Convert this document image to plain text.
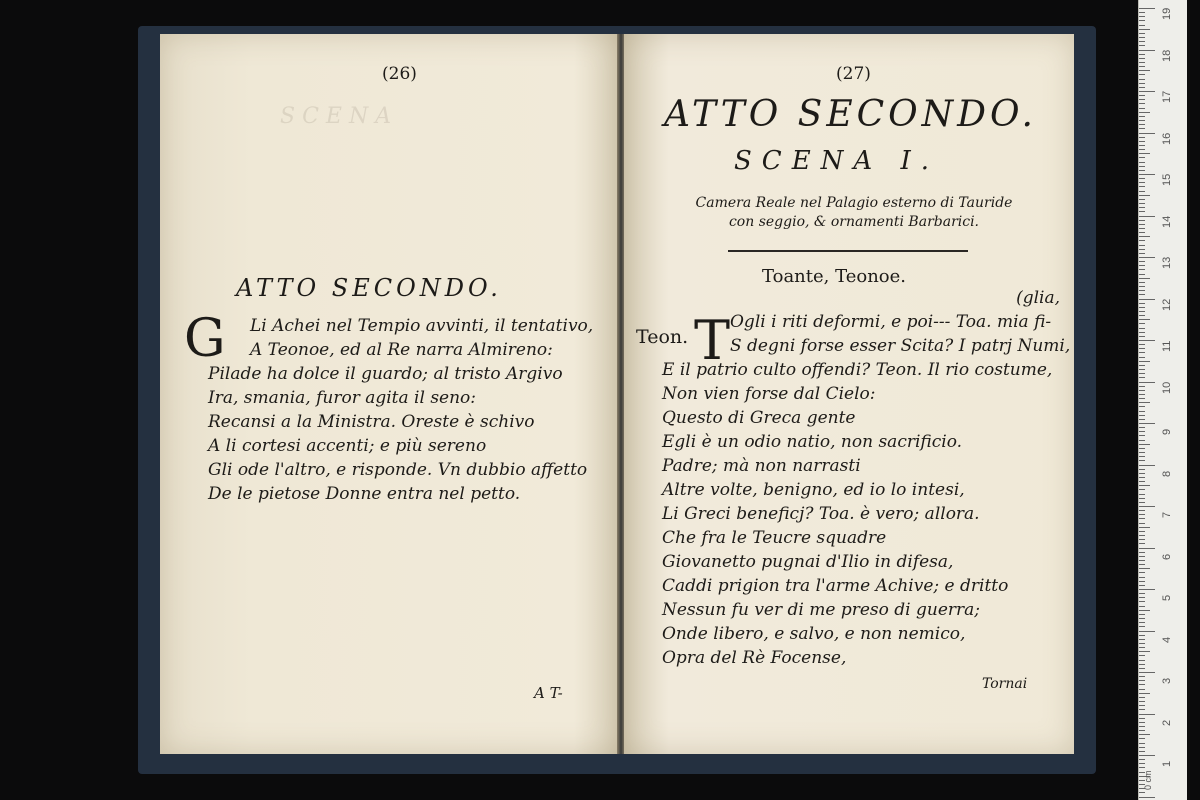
S C E N A
(26)
ATTO SECONDO.
G	Li Achei nel Tempio avvinti, il tentativo,
A Teonoe, ed al Re narra Almireno:
Pilade ha dolce il guardo; al tristo Argivo
Ira, smania, furor agita il seno:
Recansi a la Ministra. Oreste è schivo
A li cortesi accenti; e più sereno
Gli ode l'altro, e risponde. Vn dubbio affetto
De le pietose Donne entra nel petto.
A T-
(27)
ATTO SECONDO.
SCENA I.
Camera Reale nel Palagio esterno di Tauride
con seggio, & ornamenti Barbarici.
Toante, Teonoe.
(glia,
Teon. T Ogli i riti deformi, e poi--- Toa. mia fi-
S degni forse esser Scita? I patrj Numi,
E il patrio culto offendi? Teon. Il rio costume,
Non vien forse dal Cielo:
Questo di Greca gente
Egli è un odio natio, non sacrificio.
Padre; mà non narrasti
Altre volte, benigno, ed io lo intesi,
Li Greci beneficj? Toa. è vero; allora.
Che fra le Teucre squadre
Giovanetto pugnai d'Ilio in difesa,
Caddi prigion tra l'arme Achive; e dritto
Nessun fu ver di me preso di guerra;
Onde libero, e salvo, e non nemico,
Opra del Rè Focense,
Tornai
19
18
17
16
15
14
13
12
11
10
9
8
7
6
5
4
3
2
1
0 cm
